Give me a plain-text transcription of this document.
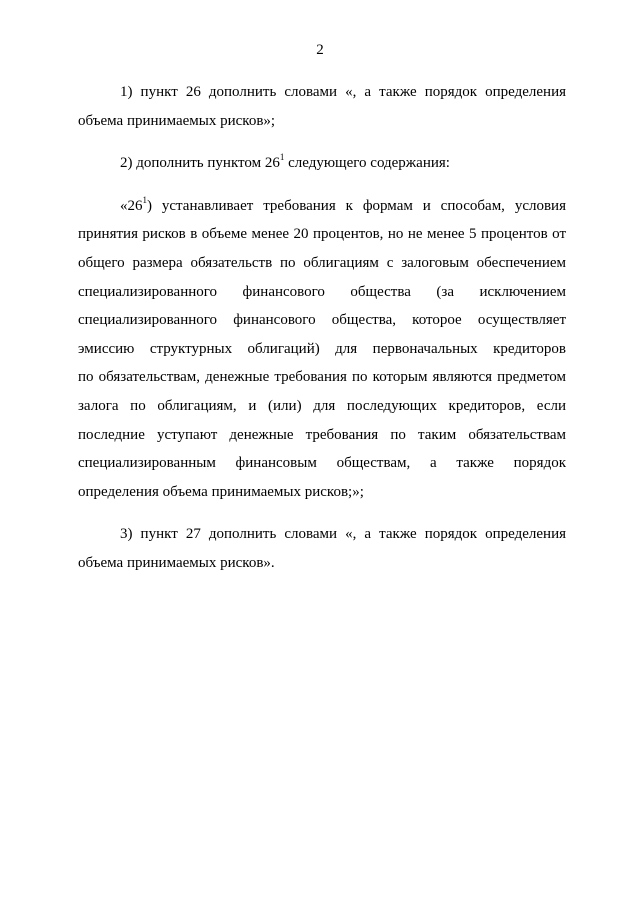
2
1) пункт 26 дополнить словами «, а также порядок определения
объема принимаемых рисков»;
2) дополнить пунктом $26^1$ следующего содержания:
«$26^1$) устанавливает требования к формам и способам, условия
принятия рисков в объеме менее 20 процентов, но не менее 5 процентов от
общего размера обязательств по облигациям с залоговым обеспечением
специализированного финансового общества (за исключением
специализированного финансового общества, которое осуществляет
эмиссию структурных облигаций) для первоначальных кредиторов
по обязательствам, денежные требования по которым являются предметом
залога по облигациям, и (или) для последующих кредиторов, если
последние уступают денежные требования по таким обязательствам
специализированным финансовым обществам, а также порядок
определения объема принимаемых рисков;»;
3) пункт 27 дополнить словами «, а также порядок определения
объема принимаемых рисков».
